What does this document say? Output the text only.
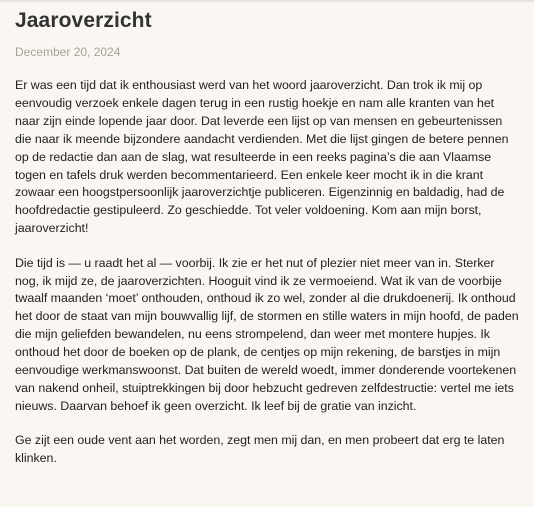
Jaaroverzicht
December 20, 2024

Er was een tijd dat ik enthousiast werd van het woord jaaroverzicht. Dan trok ik mij op eenvoudig verzoek enkele dagen terug in een rustig hoekje en nam alle kranten van het naar zijn einde lopende jaar door. Dat leverde een lijst op van mensen en gebeurtenissen die naar ik meende bijzondere aandacht verdienden. Met die lijst gingen de betere pennen op de redactie dan aan de slag, wat resulteerde in een reeks pagina’s die aan Vlaamse togen en tafels druk werden becommentarieerd. Een enkele keer mocht ik in die krant zowaar een hoogstpersoonlijk jaaroverzichtje publiceren. Eigenzinnig en baldadig, had de hoofdredactie gestipuleerd. Zo geschiedde. Tot veler voldoening. Kom aan mijn borst, jaaroverzicht!

Die tijd is — u raadt het al — voorbij. Ik zie er het nut of plezier niet meer van in. Sterker nog, ik mijd ze, de jaaroverzichten. Hooguit vind ik ze vermoeiend. Wat ik van de voorbije twaalf maanden ‘moet’ onthouden, onthoud ik zo wel, zonder al die drukdoenerij. Ik onthoud het door de staat van mijn bouwvallig lijf, de stormen en stille waters in mijn hoofd, de paden die mijn geliefden bewandelen, nu eens strompelend, dan weer met montere hupjes. Ik onthoud het door de boeken op de plank, de centjes op mijn rekening, de barstjes in mijn eenvoudige werkmanswoonst. Dat buiten de wereld woedt, immer donderende voortekenen van nakend onheil, stuiptrekkingen bij door hebzucht gedreven zelfdestructie: vertel me iets nieuws. Daarvan behoef ik geen overzicht. Ik leef bij de gratie van inzicht.

Ge zijt een oude vent aan het worden, zegt men mij dan, en men probeert dat erg te laten klinken.
